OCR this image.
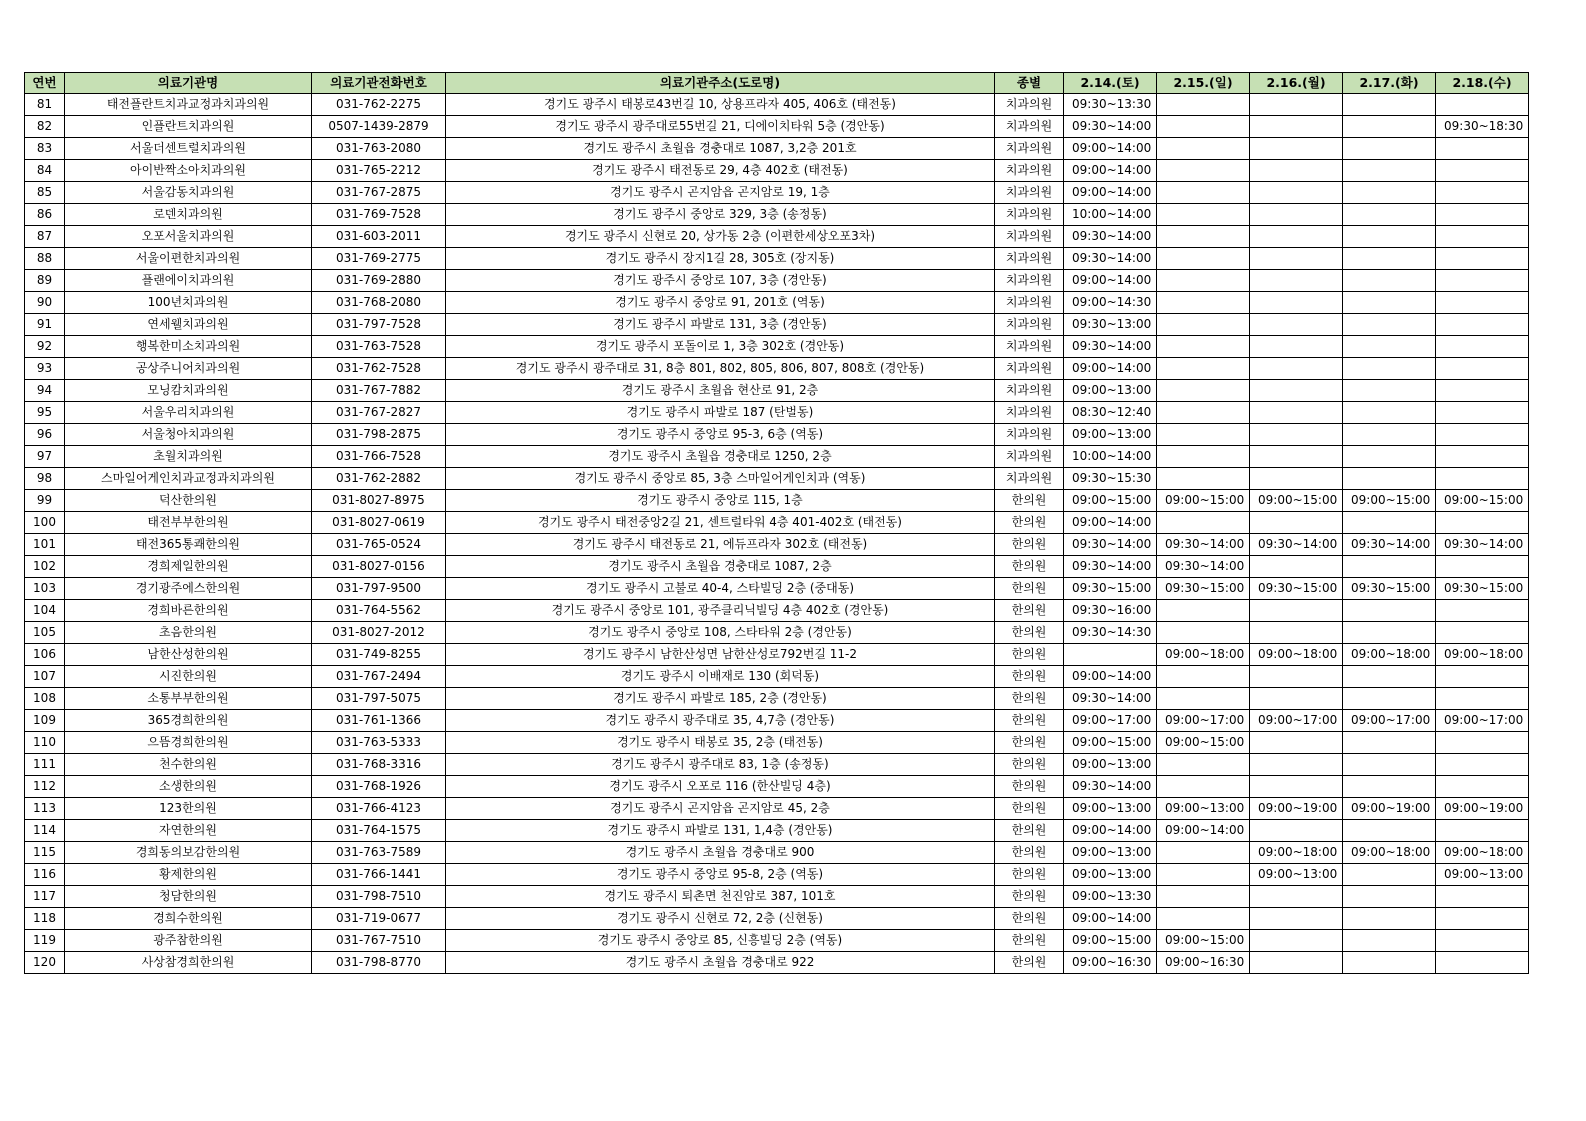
연번	의료기관명	의료기관전화번호	의료기관주소(도로명)	종별	2.14.(토)	2.15.(일)	2.16.(월)	2.17.(화)	2.18.(수)
81	태전플란트치과교정과치과의원	031-762-2275	경기도 광주시 태봉로43번길 10, 상용프라자 405, 406호 (태전동)	치과의원	09:30~13:30				
82	인플란트치과의원	0507-1439-2879	경기도 광주시 광주대로55번길 21, 디에이치타워 5층 (경안동)	치과의원	09:30~14:00				09:30~18:30
83	서울더센트럴치과의원	031-763-2080	경기도 광주시 초월읍 경충대로 1087, 3,2층 201호	치과의원	09:00~14:00				
84	아이반짝소아치과의원	031-765-2212	경기도 광주시 태전동로 29, 4층 402호 (태전동)	치과의원	09:00~14:00				
85	서울감동치과의원	031-767-2875	경기도 광주시 곤지암읍 곤지암로 19, 1층	치과의원	09:00~14:00				
86	로덴치과의원	031-769-7528	경기도 광주시 중앙로 329, 3층 (송정동)	치과의원	10:00~14:00				
87	오포서울치과의원	031-603-2011	경기도 광주시 신현로 20, 상가동 2층 (이편한세상오포3차)	치과의원	09:30~14:00				
88	서울이편한치과의원	031-769-2775	경기도 광주시 장지1길 28, 305호 (장지동)	치과의원	09:30~14:00				
89	플랜에이치과의원	031-769-2880	경기도 광주시 중앙로 107, 3층 (경안동)	치과의원	09:00~14:00				
90	100년치과의원	031-768-2080	경기도 광주시 중앙로 91, 201호 (역동)	치과의원	09:00~14:30				
91	연세웰치과의원	031-797-7528	경기도 광주시 파발로 131, 3층 (경안동)	치과의원	09:30~13:00				
92	행복한미소치과의원	031-763-7528	경기도 광주시 포돌이로 1, 3층 302호 (경안동)	치과의원	09:30~14:00				
93	공상주니어치과의원	031-762-7528	경기도 광주시 광주대로 31, 8층 801, 802, 805, 806, 807, 808호 (경안동)	치과의원	09:00~14:00				
94	모닝캄치과의원	031-767-7882	경기도 광주시 초월읍 현산로 91, 2층	치과의원	09:00~13:00				
95	서울우리치과의원	031-767-2827	경기도 광주시 파발로 187 (탄벌동)	치과의원	08:30~12:40				
96	서울청아치과의원	031-798-2875	경기도 광주시 중앙로 95-3, 6층 (역동)	치과의원	09:00~13:00				
97	초월치과의원	031-766-7528	경기도 광주시 초월읍 경충대로 1250, 2층	치과의원	10:00~14:00				
98	스마일어게인치과교정과치과의원	031-762-2882	경기도 광주시 중앙로 85, 3층 스마일어게인치과 (역동)	치과의원	09:30~15:30				
99	덕산한의원	031-8027-8975	경기도 광주시 중앙로 115, 1층	한의원	09:00~15:00	09:00~15:00	09:00~15:00	09:00~15:00	09:00~15:00
100	태전부부한의원	031-8027-0619	경기도 광주시 태전중앙2길 21, 센트럴타워 4층 401-402호 (태전동)	한의원	09:00~14:00				
101	태전365통쾌한의원	031-765-0524	경기도 광주시 태전동로 21, 에듀프라자 302호 (태전동)	한의원	09:30~14:00	09:30~14:00	09:30~14:00	09:30~14:00	09:30~14:00
102	경희제일한의원	031-8027-0156	경기도 광주시 초월읍 경충대로 1087, 2층	한의원	09:30~14:00	09:30~14:00			
103	경기광주에스한의원	031-797-9500	경기도 광주시 고불로 40-4, 스타빌딩 2층 (중대동)	한의원	09:30~15:00	09:30~15:00	09:30~15:00	09:30~15:00	09:30~15:00
104	경희바른한의원	031-764-5562	경기도 광주시 중앙로 101, 광주클리닉빌딩 4층 402호 (경안동)	한의원	09:30~16:00				
105	초음한의원	031-8027-2012	경기도 광주시 중앙로 108, 스타타워 2층 (경안동)	한의원	09:30~14:30				
106	남한산성한의원	031-749-8255	경기도 광주시 남한산성면 남한산성로792번길 11-2	한의원		09:00~18:00	09:00~18:00	09:00~18:00	09:00~18:00
107	시진한의원	031-767-2494	경기도 광주시 이배재로 130 (회덕동)	한의원	09:00~14:00				
108	소통부부한의원	031-797-5075	경기도 광주시 파발로 185, 2층 (경안동)	한의원	09:30~14:00				
109	365경희한의원	031-761-1366	경기도 광주시 광주대로 35, 4,7층 (경안동)	한의원	09:00~17:00	09:00~17:00	09:00~17:00	09:00~17:00	09:00~17:00
110	으뜸경희한의원	031-763-5333	경기도 광주시 태봉로 35, 2층 (태전동)	한의원	09:00~15:00	09:00~15:00			
111	천수한의원	031-768-3316	경기도 광주시 광주대로 83, 1층 (송정동)	한의원	09:00~13:00				
112	소생한의원	031-768-1926	경기도 광주시 오포로 116 (한산빌딩 4층)	한의원	09:30~14:00				
113	123한의원	031-766-4123	경기도 광주시 곤지암읍 곤지암로 45, 2층	한의원	09:00~13:00	09:00~13:00	09:00~19:00	09:00~19:00	09:00~19:00
114	자연한의원	031-764-1575	경기도 광주시 파발로 131, 1,4층 (경안동)	한의원	09:00~14:00	09:00~14:00			
115	경희동의보감한의원	031-763-7589	경기도 광주시 초월읍 경충대로 900	한의원	09:00~13:00		09:00~18:00	09:00~18:00	09:00~18:00
116	황제한의원	031-766-1441	경기도 광주시 중앙로 95-8, 2층 (역동)	한의원	09:00~13:00		09:00~13:00		09:00~13:00
117	청담한의원	031-798-7510	경기도 광주시 퇴촌면 천진암로 387, 101호	한의원	09:00~13:30				
118	경희수한의원	031-719-0677	경기도 광주시 신현로 72, 2층 (신현동)	한의원	09:00~14:00				
119	광주참한의원	031-767-7510	경기도 광주시 중앙로 85, 신흥빌딩 2층 (역동)	한의원	09:00~15:00	09:00~15:00			
120	사상참경희한의원	031-798-8770	경기도 광주시 초월읍 경충대로 922	한의원	09:00~16:30	09:00~16:30			
